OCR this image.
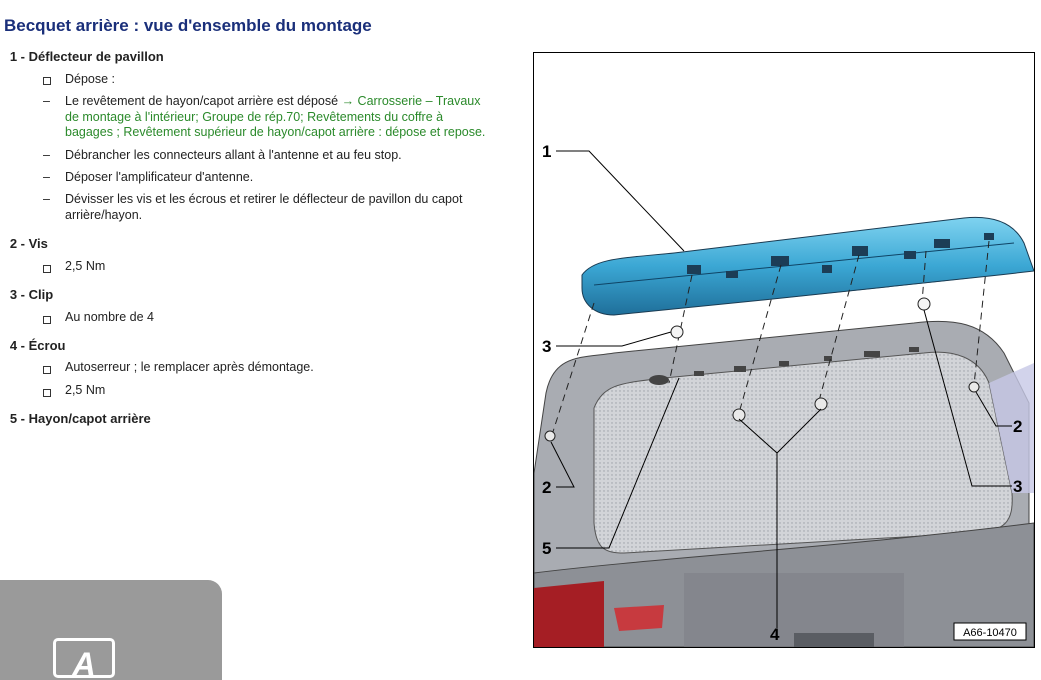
Becquet arrière : vue d'ensemble du montage
1 - Déflecteur de pavillon
Dépose :
– Le revêtement de hayon/capot arrière est déposé → Carrosserie – Travaux
de montage à l'intérieur; Groupe de rép.70; Revêtements du coffre à
bagages ; Revêtement supérieur de hayon/capot arrière : dépose et repose.
– Débrancher les connecteurs allant à l'antenne et au feu stop.
– Déposer l'amplificateur d'antenne.
– Dévisser les vis et les écrous et retirer le déflecteur de pavillon du capot
arrière/hayon.
2 - Vis
2,5 Nm
3 - Clip
Au nombre de 4
4 - Écrou
Autoserreur ; le remplacer après démontage.
2,5 Nm
5 - Hayon/capot arrière
1
2
3
4
5
2
3
A66-10470
A
